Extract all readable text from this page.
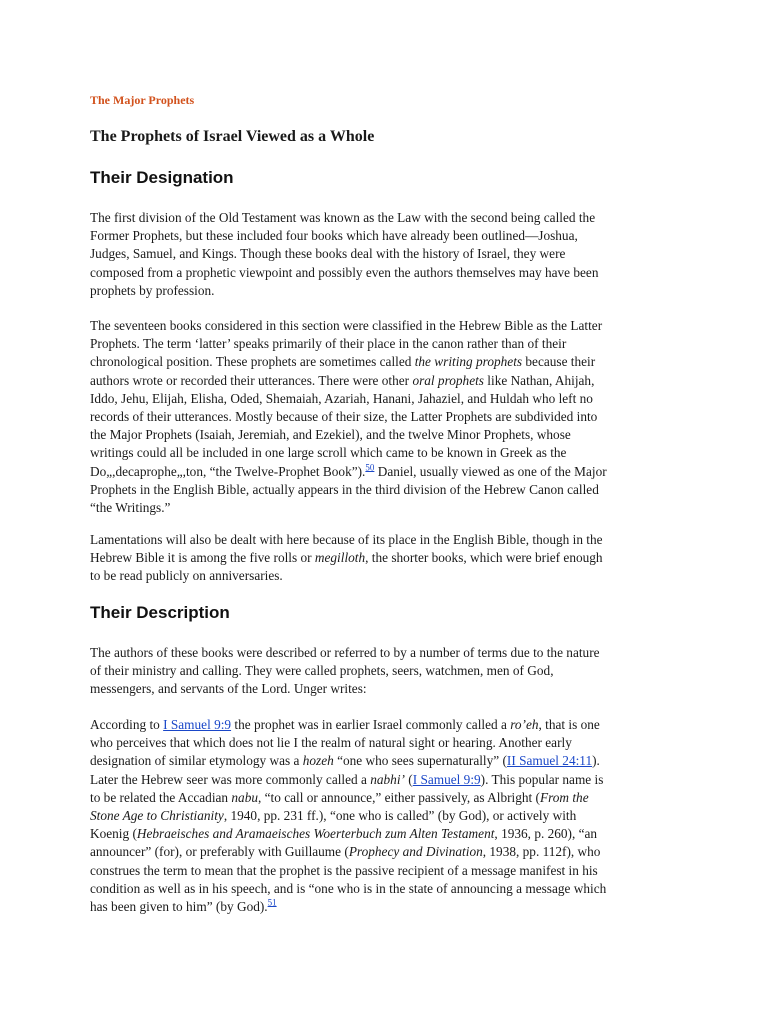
The Major Prophets
The Prophets of Israel Viewed as a Whole
Their Designation

The first division of the Old Testament was known as the Law with the second being called the
Former Prophets, but these included four books which have already been outlined—Joshua,
Judges, Samuel, and Kings. Though these books deal with the history of Israel, they were
composed from a prophetic viewpoint and possibly even the authors themselves may have been
prophets by profession.

The seventeen books considered in this section were classified in the Hebrew Bible as the Latter
Prophets. The term ‘latter’ speaks primarily of their place in the canon rather than of their
chronological position. These prophets are sometimes called the writing prophets because their
authors wrote or recorded their utterances. There were other oral prophets like Nathan, Ahijah,
Iddo, Jehu, Elijah, Elisha, Oded, Shemaiah, Azariah, Hanani, Jahaziel, and Huldah who left no
records of their utterances. Mostly because of their size, the Latter Prophets are subdivided into
the Major Prophets (Isaiah, Jeremiah, and Ezekiel), and the twelve Minor Prophets, whose
writings could all be included in one large scroll which came to be known in Greek as the
Do„,decaprophe„,ton, “the Twelve-Prophet Book”).$^{50}$ Daniel, usually viewed as one of the Major
Prophets in the English Bible, actually appears in the third division of the Hebrew Canon called
“the Writings.”

Lamentations will also be dealt with here because of its place in the English Bible, though in the
Hebrew Bible it is among the five rolls or megilloth, the shorter books, which were brief enough
to be read publicly on anniversaries.

Their Description

The authors of these books were described or referred to by a number of terms due to the nature
of their ministry and calling. They were called prophets, seers, watchmen, men of God,
messengers, and servants of the Lord. Unger writes:

According to I Samuel 9:9 the prophet was in earlier Israel commonly called a ro’eh, that is one
who perceives that which does not lie I the realm of natural sight or hearing. Another early
designation of similar etymology was a hozeh “one who sees supernaturally” (II Samuel 24:11).
Later the Hebrew seer was more commonly called a nabhi’ (I Samuel 9:9). This popular name is
to be related the Accadian nabu, “to call or announce,” either passively, as Albright (From the
Stone Age to Christianity, 1940, pp. 231 ff.), “one who is called” (by God), or actively with
Koenig (Hebraeisches and Aramaeisches Woerterbuch zum Alten Testament, 1936, p. 260), “an
announcer” (for), or preferably with Guillaume (Prophecy and Divination, 1938, pp. 112f), who
construes the term to mean that the prophet is the passive recipient of a message manifest in his
condition as well as in his speech, and is “one who is in the state of announcing a message which
has been given to him” (by God).$^{51}$
